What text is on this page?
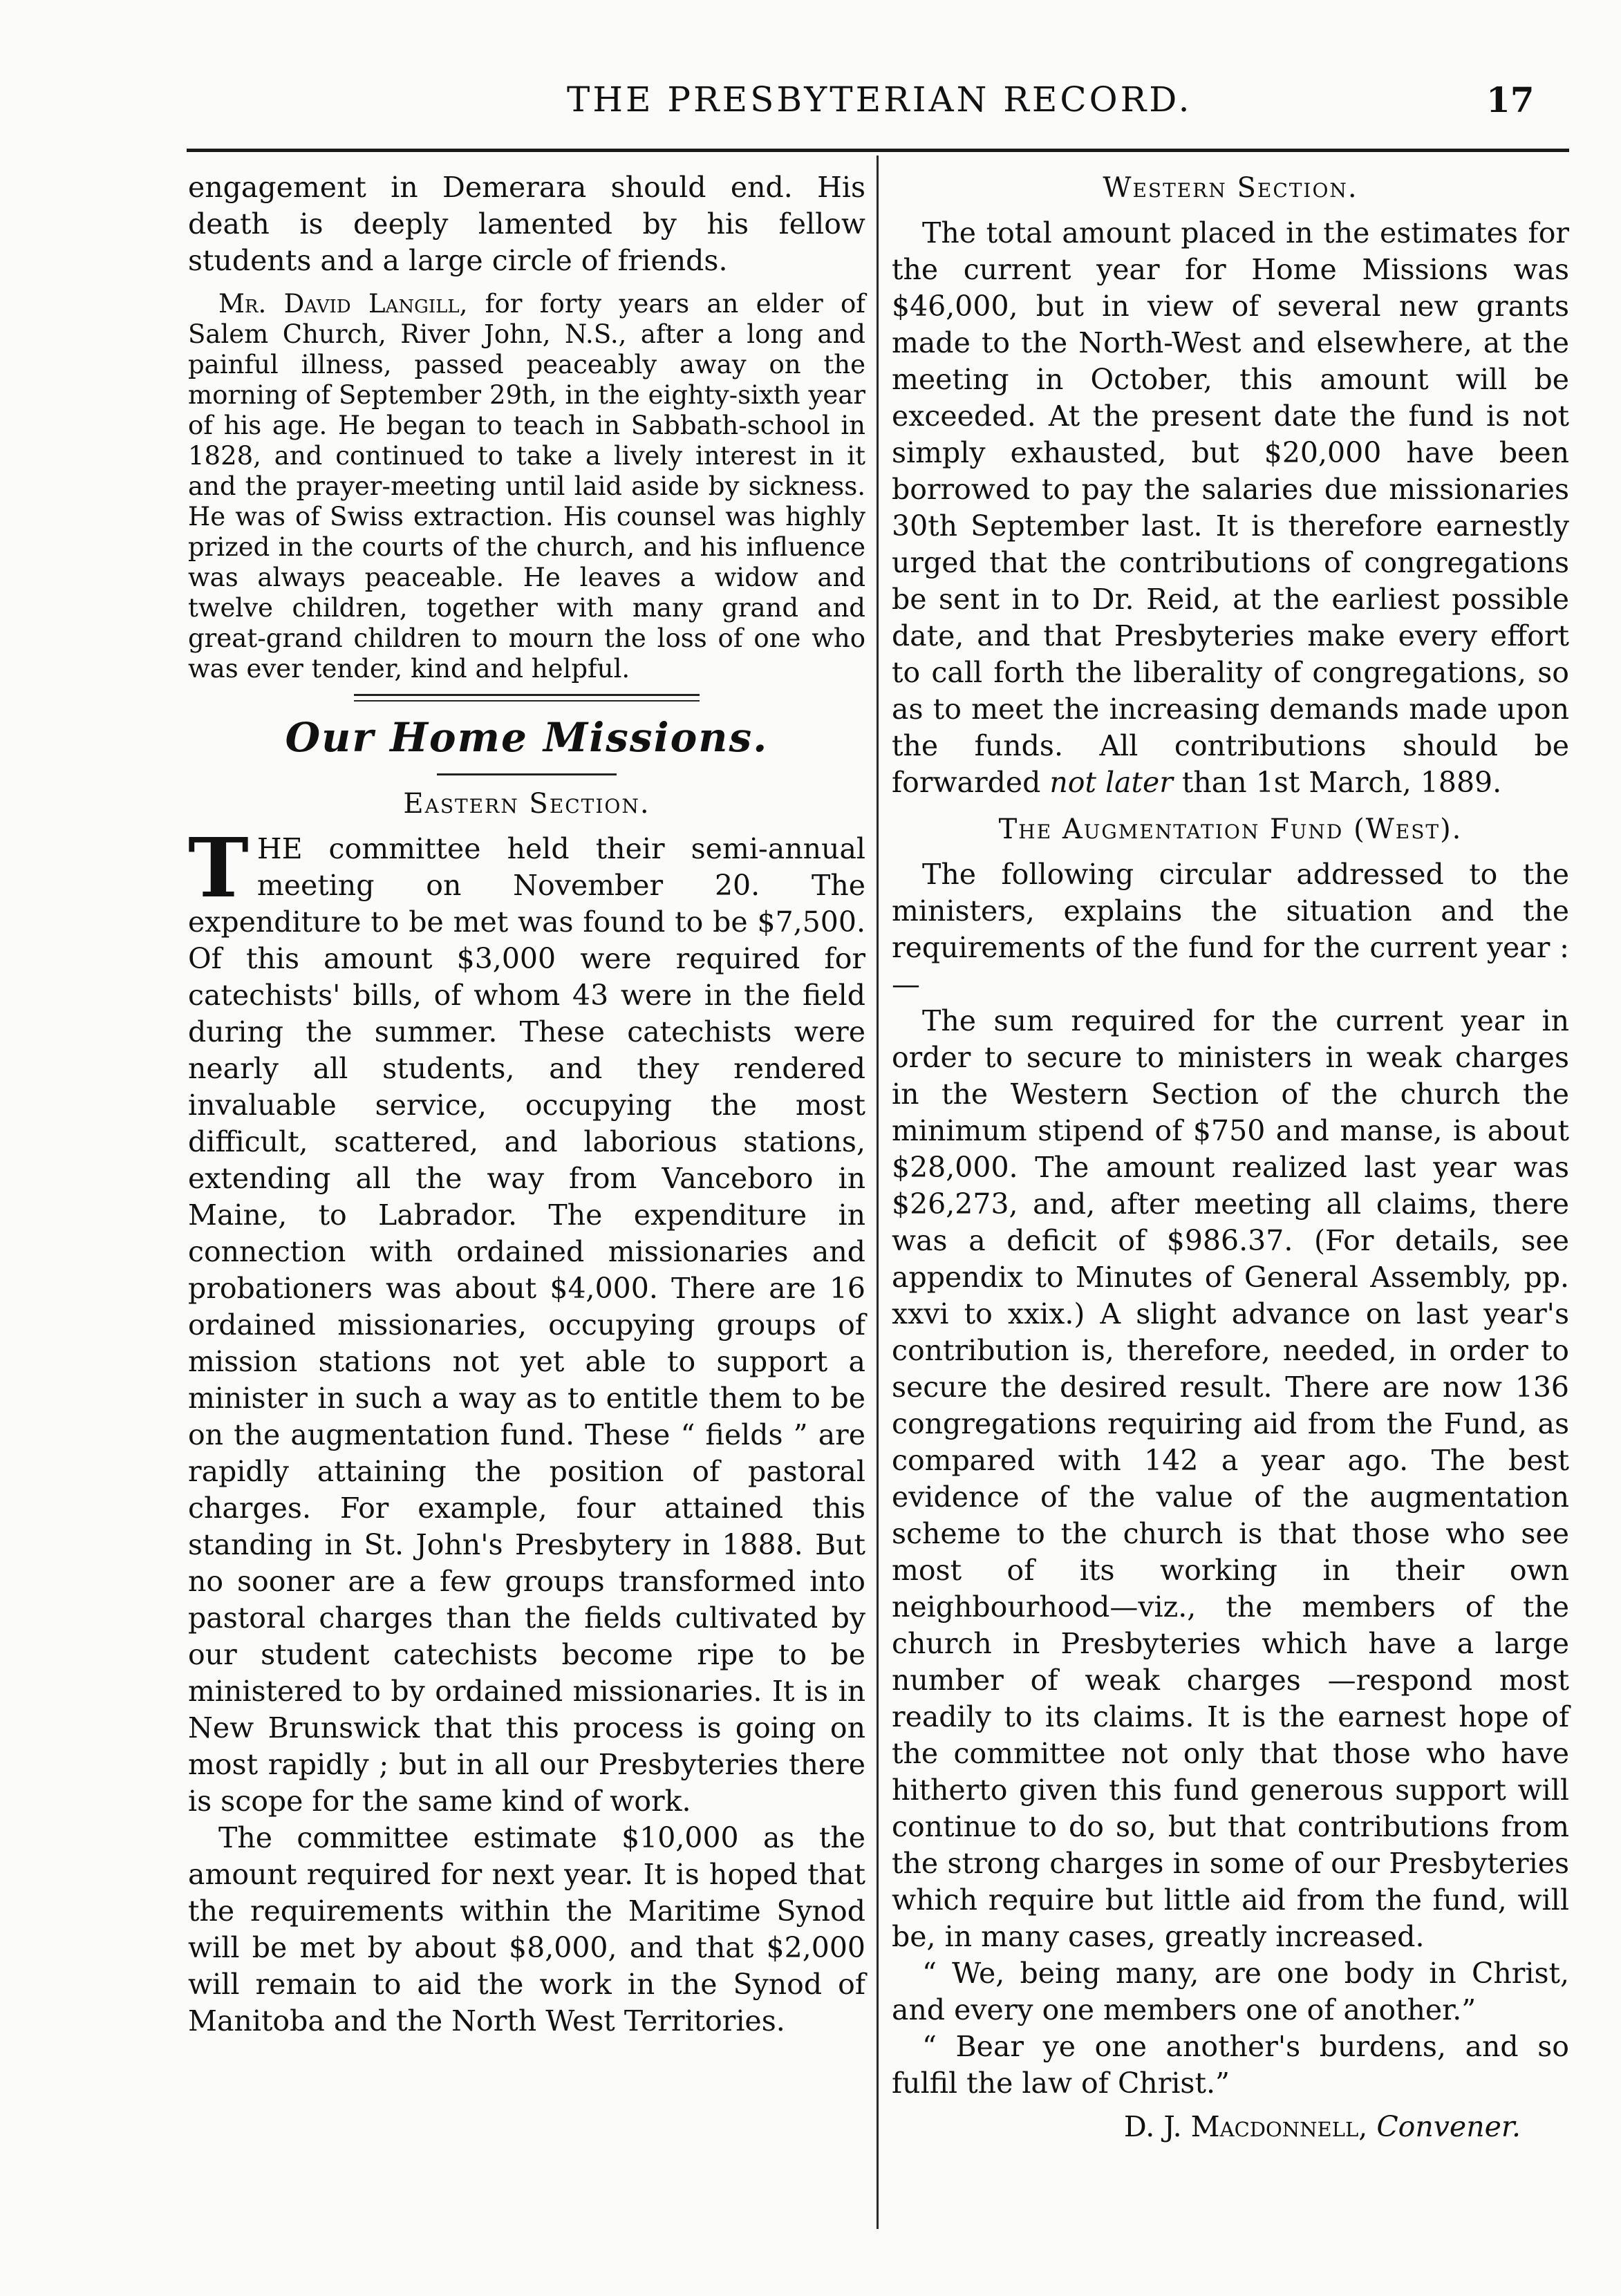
THE PRESBYTERIAN RECORD.	17

engagement in Demerara should end. His death is deeply lamented by his fellow students and a large circle of friends.

Mr. David Langill, for forty years an elder of Salem Church, River John, N.S., after a long and painful illness, passed peaceably away on the morning of September 29th, in the eighty-sixth year of his age. He began to teach in Sabbath-school in 1828, and continued to take a lively interest in it and the prayer-meeting until laid aside by sickness. He was of Swiss extraction. His counsel was highly prized in the courts of the church, and his influence was always peaceable. He leaves a widow and twelve children, together with many grand and great-grand children to mourn the loss of one who was ever tender, kind and helpful.

Our Home Missions.
Eastern Section.

THE committee held their semi-annual meeting on November 20. The expenditure to be met was found to be $7,500. Of this amount $3,000 were required for catechists' bills, of whom 43 were in the field during the summer. These catechists were nearly all students, and they rendered invaluable service, occupying the most difficult, scattered, and laborious stations, extending all the way from Vanceboro in Maine, to Labrador. The expenditure in connection with ordained missionaries and probationers was about $4,000. There are 16 ordained missionaries, occupying groups of mission stations not yet able to support a minister in such a way as to entitle them to be on the augmentation fund. These “ fields ” are rapidly attaining the position of pastoral charges. For example, four attained this standing in St. John's Presbytery in 1888. But no sooner are a few groups transformed into pastoral charges than the fields cultivated by our student catechists become ripe to be ministered to by ordained missionaries. It is in New Brunswick that this process is going on most rapidly ; but in all our Presbyteries there is scope for the same kind of work.

The committee estimate $10,000 as the amount required for next year. It is hoped that the requirements within the Maritime Synod will be met by about $8,000, and that $2,000 will remain to aid the work in the Synod of Manitoba and the North West Territories.

Western Section.

The total amount placed in the estimates for the current year for Home Missions was $46,000, but in view of several new grants made to the North-West and elsewhere, at the meeting in October, this amount will be exceeded. At the present date the fund is not simply exhausted, but $20,000 have been borrowed to pay the salaries due missionaries 30th September last. It is therefore earnestly urged that the contributions of congregations be sent in to Dr. Reid, at the earliest possible date, and that Presbyteries make every effort to call forth the liberality of congregations, so as to meet the increasing demands made upon the funds. All contributions should be forwarded not later than 1st March, 1889.

The Augmentation Fund (West).

The following circular addressed to the ministers, explains the situation and the requirements of the fund for the current year :—

The sum required for the current year in order to secure to ministers in weak charges in the Western Section of the church the minimum stipend of $750 and manse, is about $28,000. The amount realized last year was $26,273, and, after meeting all claims, there was a deficit of $986.37. (For details, see appendix to Minutes of General Assembly, pp. xxvi to xxix.) A slight advance on last year's contribution is, therefore, needed, in order to secure the desired result. There are now 136 congregations requiring aid from the Fund, as compared with 142 a year ago. The best evidence of the value of the augmentation scheme to the church is that those who see most of its working in their own neighbourhood—viz., the members of the church in Presbyteries which have a large number of weak charges —respond most readily to its claims. It is the earnest hope of the committee not only that those who have hitherto given this fund generous support will continue to do so, but that contributions from the strong charges in some of our Presbyteries which require but little aid from the fund, will be, in many cases, greatly increased.

“ We, being many, are one body in Christ, and every one members one of another.”

“ Bear ye one another's burdens, and so fulfil the law of Christ.”

D. J. Macdonnell, Convener.
